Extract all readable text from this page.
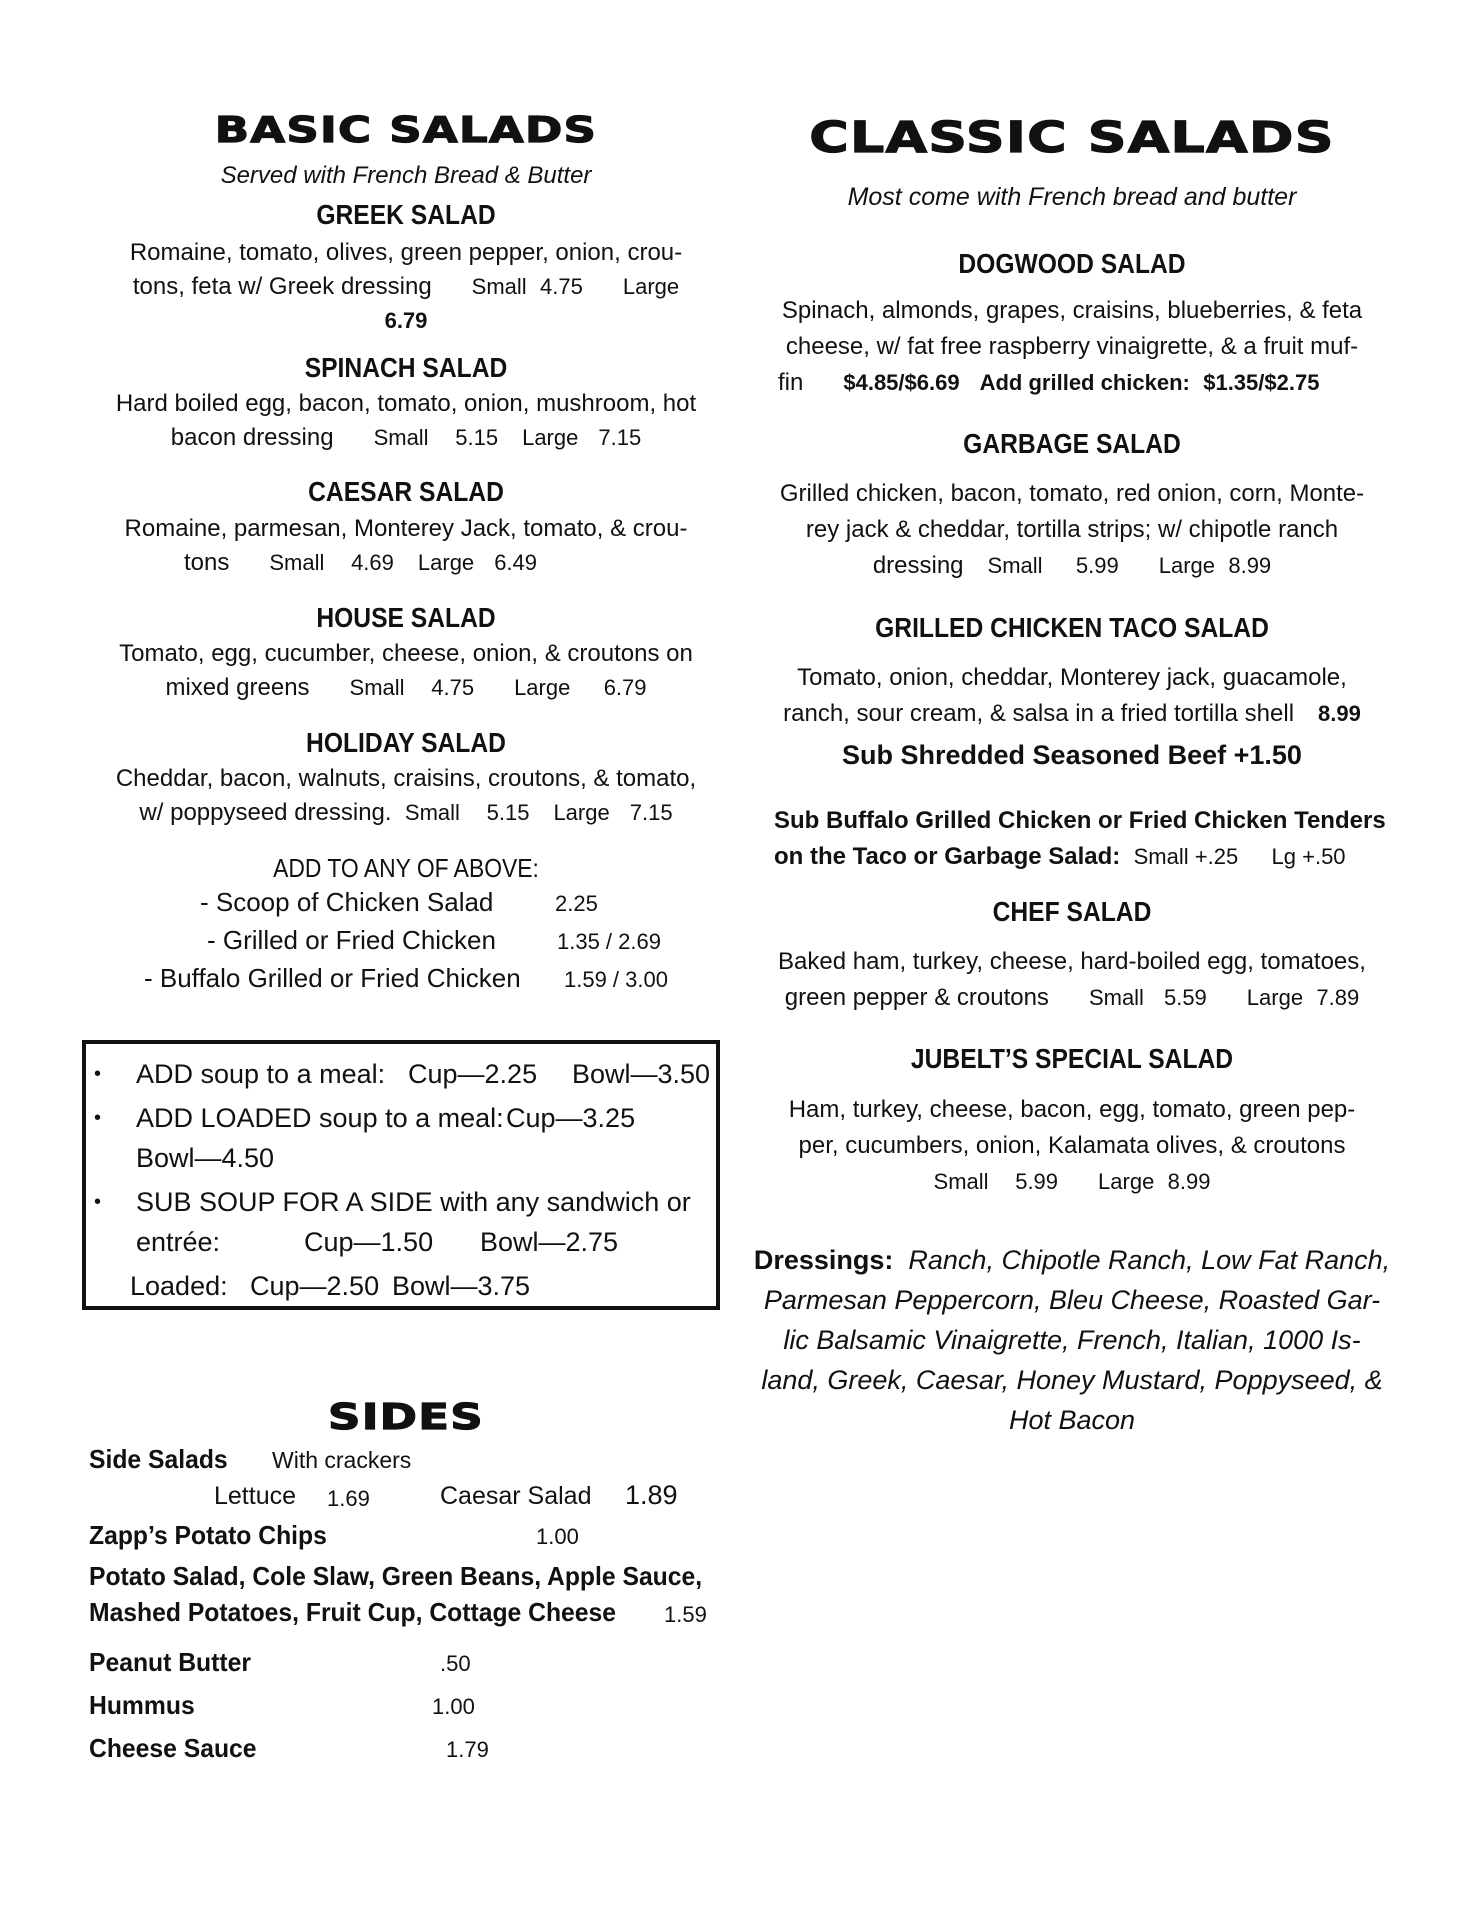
BASIC SALADS
Served with French Bread & Butter
GREEK SALAD
Romaine, tomato, olives, green pepper, onion, crou-
tons, feta w/ Greek dressing Small 4.75 Large
6.79
SPINACH SALAD
Hard boiled egg, bacon, tomato, onion, mushroom, hot
bacon dressing Small 5.15 Large 7.15
CAESAR SALAD
Romaine, parmesan, Monterey Jack, tomato, & crou-
tons Small 4.69 Large 6.49
HOUSE SALAD
Tomato, egg, cucumber, cheese, onion, & croutons on
mixed greens Small 4.75 Large 6.79
HOLIDAY SALAD
Cheddar, bacon, walnuts, craisins, croutons, & tomato,
w/ poppyseed dressing. Small 5.15 Large 7.15
ADD TO ANY OF ABOVE:
- Scoop of Chicken Salad	2.25
- Grilled or Fried Chicken	1.35 / 2.69
- Buffalo Grilled or Fried Chicken 1.59 / 3.00
SIDES
• ADD soup to a meal: Cup—2.25 Bowl—3.50
• ADD LOADED soup to a meal: Cup—3.25
Bowl—4.50
• SUB SOUP FOR A SIDE with any sandwich or
entrée:	Cup—1.50 Bowl—2.75
Loaded: Cup—2.50 Bowl—3.75
Side Salads With crackers
Lettuce 1.69	Caesar Salad 1.89
Zapp’s Potato Chips	1.00
Potato Salad, Cole Slaw, Green Beans, Apple Sauce,
Mashed Potatoes, Fruit Cup, Cottage Cheese 1.59
Peanut Butter	.50
Hummus	1.00
Cheese Sauce	1.79
CLASSIC SALADS
Most come with French bread and butter
DOGWOOD SALAD
Spinach, almonds, grapes, craisins, blueberries, & feta
cheese, w/ fat free raspberry vinaigrette, & a fruit muf-
fin $4.85/$6.69 Add grilled chicken: $1.35/$2.75
GARBAGE SALAD
Grilled chicken, bacon, tomato, red onion, corn, Monte-
rey jack & cheddar, tortilla strips; w/ chipotle ranch
dressing Small 5.99 Large 8.99
GRILLED CHICKEN TACO SALAD
Tomato, onion, cheddar, Monterey jack, guacamole,
ranch, sour cream, & salsa in a fried tortilla shell 8.99
Sub Shredded Seasoned Beef +1.50
Sub Buffalo Grilled Chicken or Fried Chicken Tenders
on the Taco or Garbage Salad:  Small +.25 Lg +.50
CHEF SALAD
Baked ham, turkey, cheese, hard-boiled egg, tomatoes,
green pepper & croutons Small 5.59 Large 7.89
JUBELT’S SPECIAL SALAD
Ham, turkey, cheese, bacon, egg, tomato, green pep-
per, cucumbers, onion, Kalamata olives, & croutons
Small 5.99 Large 8.99
Dressings: Ranch, Chipotle Ranch, Low Fat Ranch,
Parmesan Peppercorn, Bleu Cheese, Roasted Gar-
lic Balsamic Vinaigrette, French, Italian, 1000 Is-
land, Greek, Caesar, Honey Mustard, Poppyseed, &
Hot Bacon
